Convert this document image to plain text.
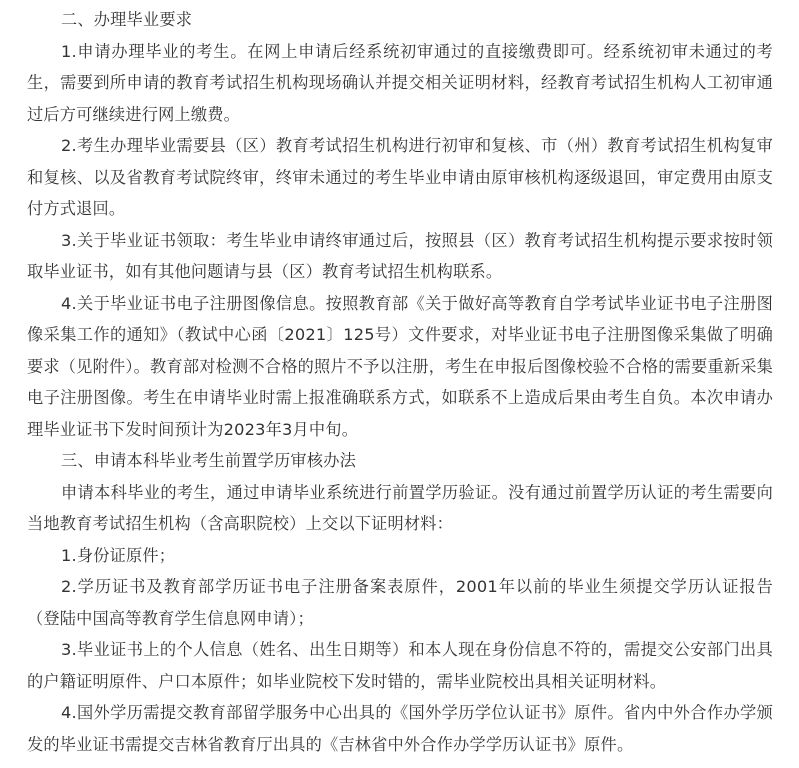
二、办理毕业要求

1.申请办理毕业的考生。在网上申请后经系统初审通过的直接缴费即可。经系统初审未通过的考生，需要到所申请的教育考试招生机构现场确认并提交相关证明材料，经教育考试招生机构人工初审通过后方可继续进行网上缴费。

2.考生办理毕业需要县（区）教育考试招生机构进行初审和复核、市（州）教育考试招生机构复审和复核、以及省教育考试院终审，终审未通过的考生毕业申请由原审核机构逐级退回，审定费用由原支付方式退回。

3.关于毕业证书领取：考生毕业申请终审通过后，按照县（区）教育考试招生机构提示要求按时领取毕业证书，如有其他问题请与县（区）教育考试招生机构联系。

4.关于毕业证书电子注册图像信息。按照教育部《关于做好高等教育自学考试毕业证书电子注册图像采集工作的通知》（教试中心函〔2021〕125号）文件要求，对毕业证书电子注册图像采集做了明确要求（见附件）。教育部对检测不合格的照片不予以注册，考生在申报后图像校验不合格的需要重新采集电子注册图像。考生在申请毕业时需上报准确联系方式，如联系不上造成后果由考生自负。本次申请办理毕业证书下发时间预计为2023年3月中旬。

三、申请本科毕业考生前置学历审核办法

申请本科毕业的考生，通过申请毕业系统进行前置学历验证。没有通过前置学历认证的考生需要向当地教育考试招生机构（含高职院校）上交以下证明材料：

1.身份证原件；

2.学历证书及教育部学历证书电子注册备案表原件，2001年以前的毕业生须提交学历认证报告（登陆中国高等教育学生信息网申请）；

3.毕业证书上的个人信息（姓名、出生日期等）和本人现在身份信息不符的，需提交公安部门出具的户籍证明原件、户口本原件；如毕业院校下发时错的，需毕业院校出具相关证明材料。

4.国外学历需提交教育部留学服务中心出具的《国外学历学位认证书》原件。省内中外合作办学颁发的毕业证书需提交吉林省教育厅出具的《吉林省中外合作办学学历认证书》原件。
